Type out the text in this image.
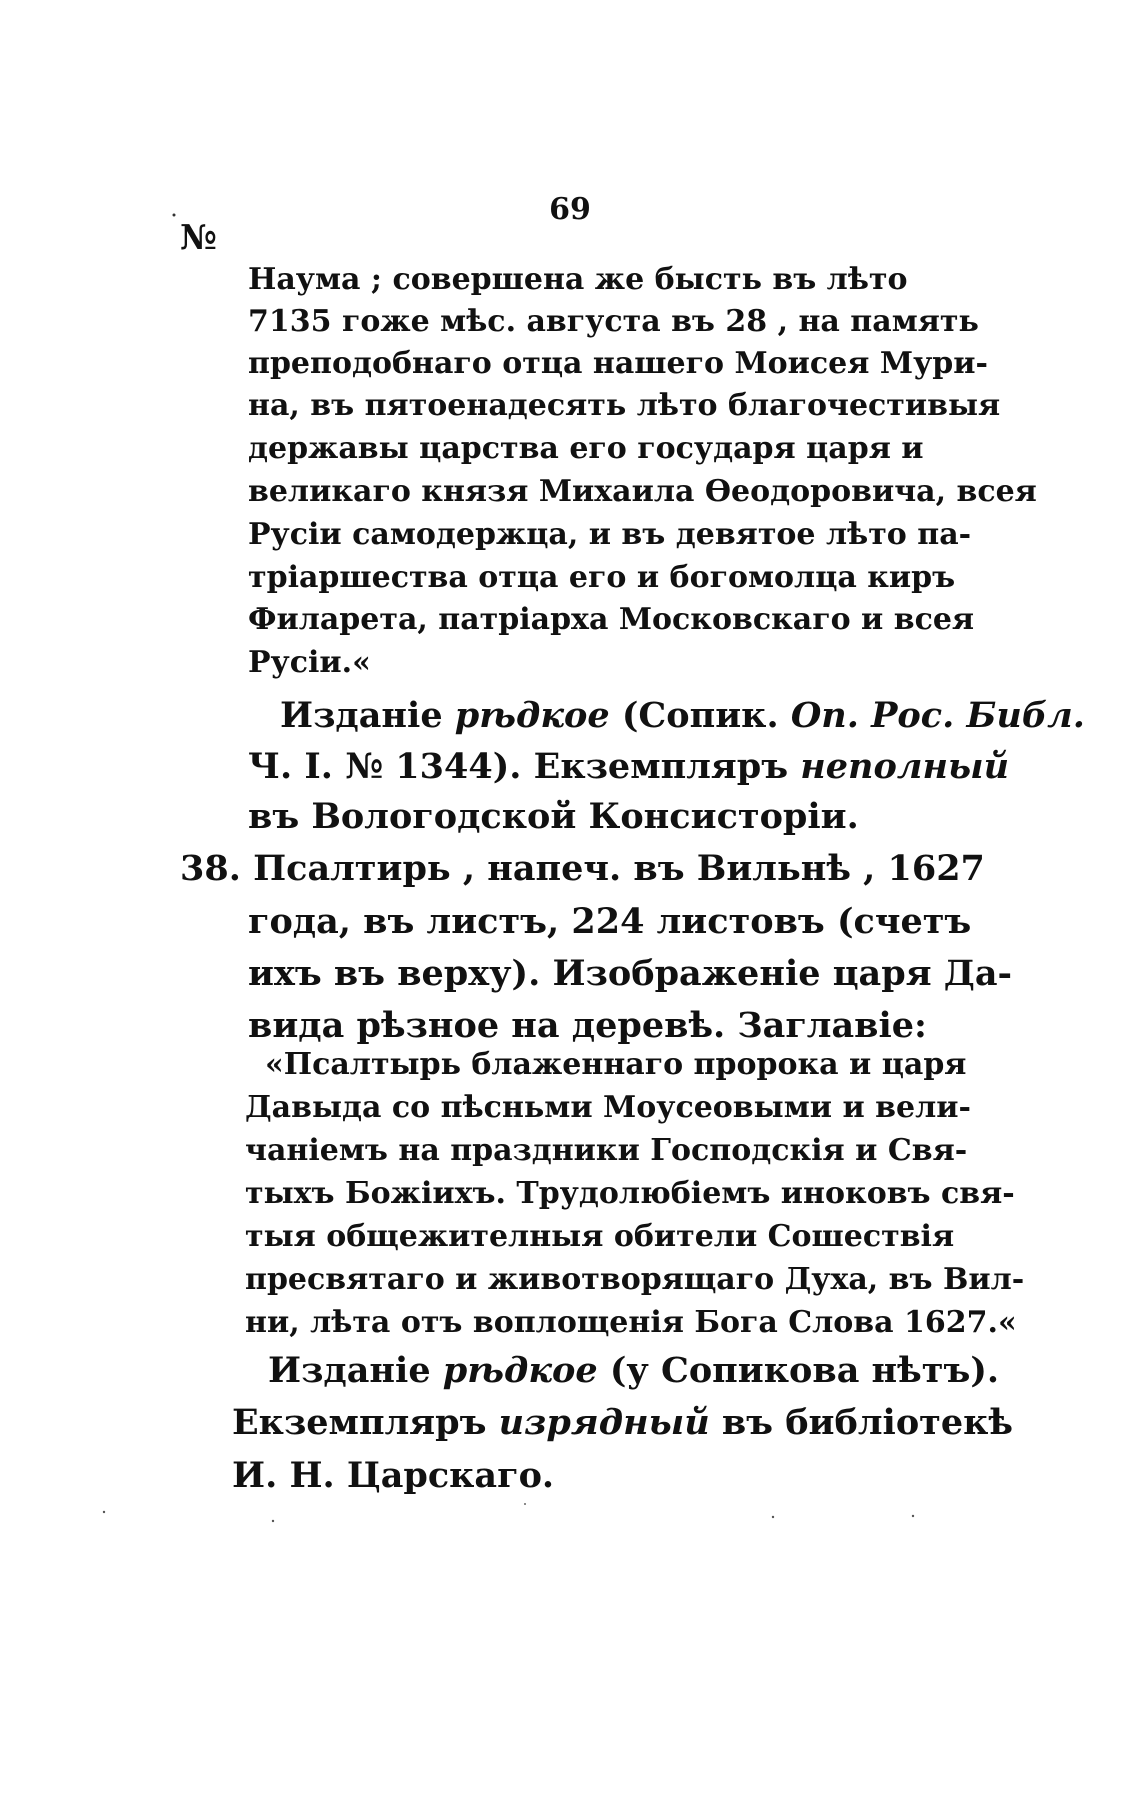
69
№
Наума ; совершена же бысть въ лѣто
7135 гоже мѣс. августа въ 28 , на память
преподобнаго отца нашего Моисея Мури-
на, въ пятоенадесять лѣто благочестивыя
державы царства его государя царя и
великаго князя Михаила Ѳеодоровича, всея
Русіи самодержца, и въ девятое лѣто па-
тріаршества отца его и богомолца киръ
Филарета, патріарха Московскаго и всея
Русіи.«
Изданіе рѣдкое (Сопик. Оп. Рос. Библ.
Ч. I. № 1344). Екземпляръ неполный
въ Вологодской Консисторіи.
38. Псалтирь , напеч. въ Вильнѣ , 1627
года, въ листъ, 224 листовъ (счетъ
ихъ въ верху). Изображеніе царя Да-
вида рѣзное на деревѣ. Заглавіе:
«Псалтырь блаженнаго пророка и царя
Давыда со пѣсньми Моусеовыми и вели-
чаніемъ на праздники Господскія и Свя-
тыхъ Божіихъ. Трудолюбіемъ иноковъ свя-
тыя общежителныя обители Сошествія
пресвятаго и животворящаго Духа, въ Вил-
ни, лѣта отъ воплощенія Бога Слова 1627.«
Изданіе рѣдкое (у Сопикова нѣтъ).
Екземпляръ изрядный въ библіотекѣ
И. Н. Царскаго.
